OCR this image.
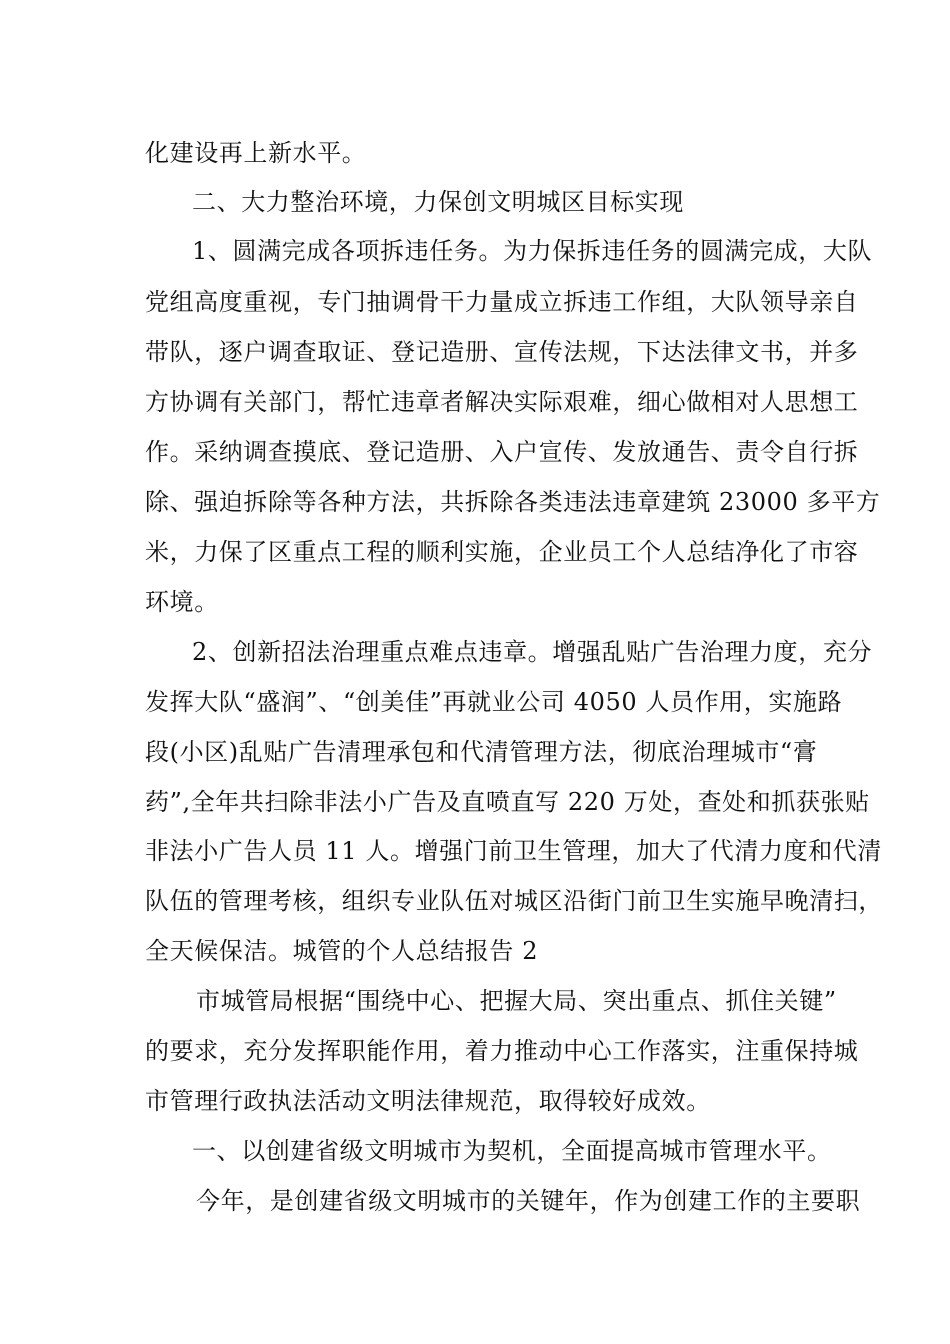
化建设再上新水平。
二、大力整治环境，力保创文明城区目标实现
1、圆满完成各项拆违任务。为力保拆违任务的圆满完成，大队
党组高度重视，专门抽调骨干力量成立拆违工作组，大队领导亲自
带队，逐户调查取证、登记造册、宣传法规，下达法律文书，并多
方协调有关部门，帮忙违章者解决实际艰难，细心做相对人思想工
作。采纳调查摸底、登记造册、入户宣传、发放通告、责令自行拆
除、强迫拆除等各种方法，共拆除各类违法违章建筑 23000 多平方
米，力保了区重点工程的顺利实施，企业员工个人总结净化了市容
环境。
2、创新招法治理重点难点违章。增强乱贴广告治理力度，充分
发挥大队“盛润”、“创美佳”再就业公司 4050 人员作用，实施路
段(小区)乱贴广告清理承包和代清管理方法，彻底治理城市“膏
药”,全年共扫除非法小广告及直喷直写 220 万处，查处和抓获张贴
非法小广告人员 11 人。增强门前卫生管理，加大了代清力度和代清
队伍的管理考核，组织专业队伍对城区沿街门前卫生实施早晚清扫，
全天候保洁。城管的个人总结报告 2
市城管局根据“围绕中心、把握大局、突出重点、抓住关键”
的要求，充分发挥职能作用，着力推动中心工作落实，注重保持城
市管理行政执法活动文明法律规范，取得较好成效。
一、以创建省级文明城市为契机，全面提高城市管理水平。
今年，是创建省级文明城市的关键年，作为创建工作的主要职
